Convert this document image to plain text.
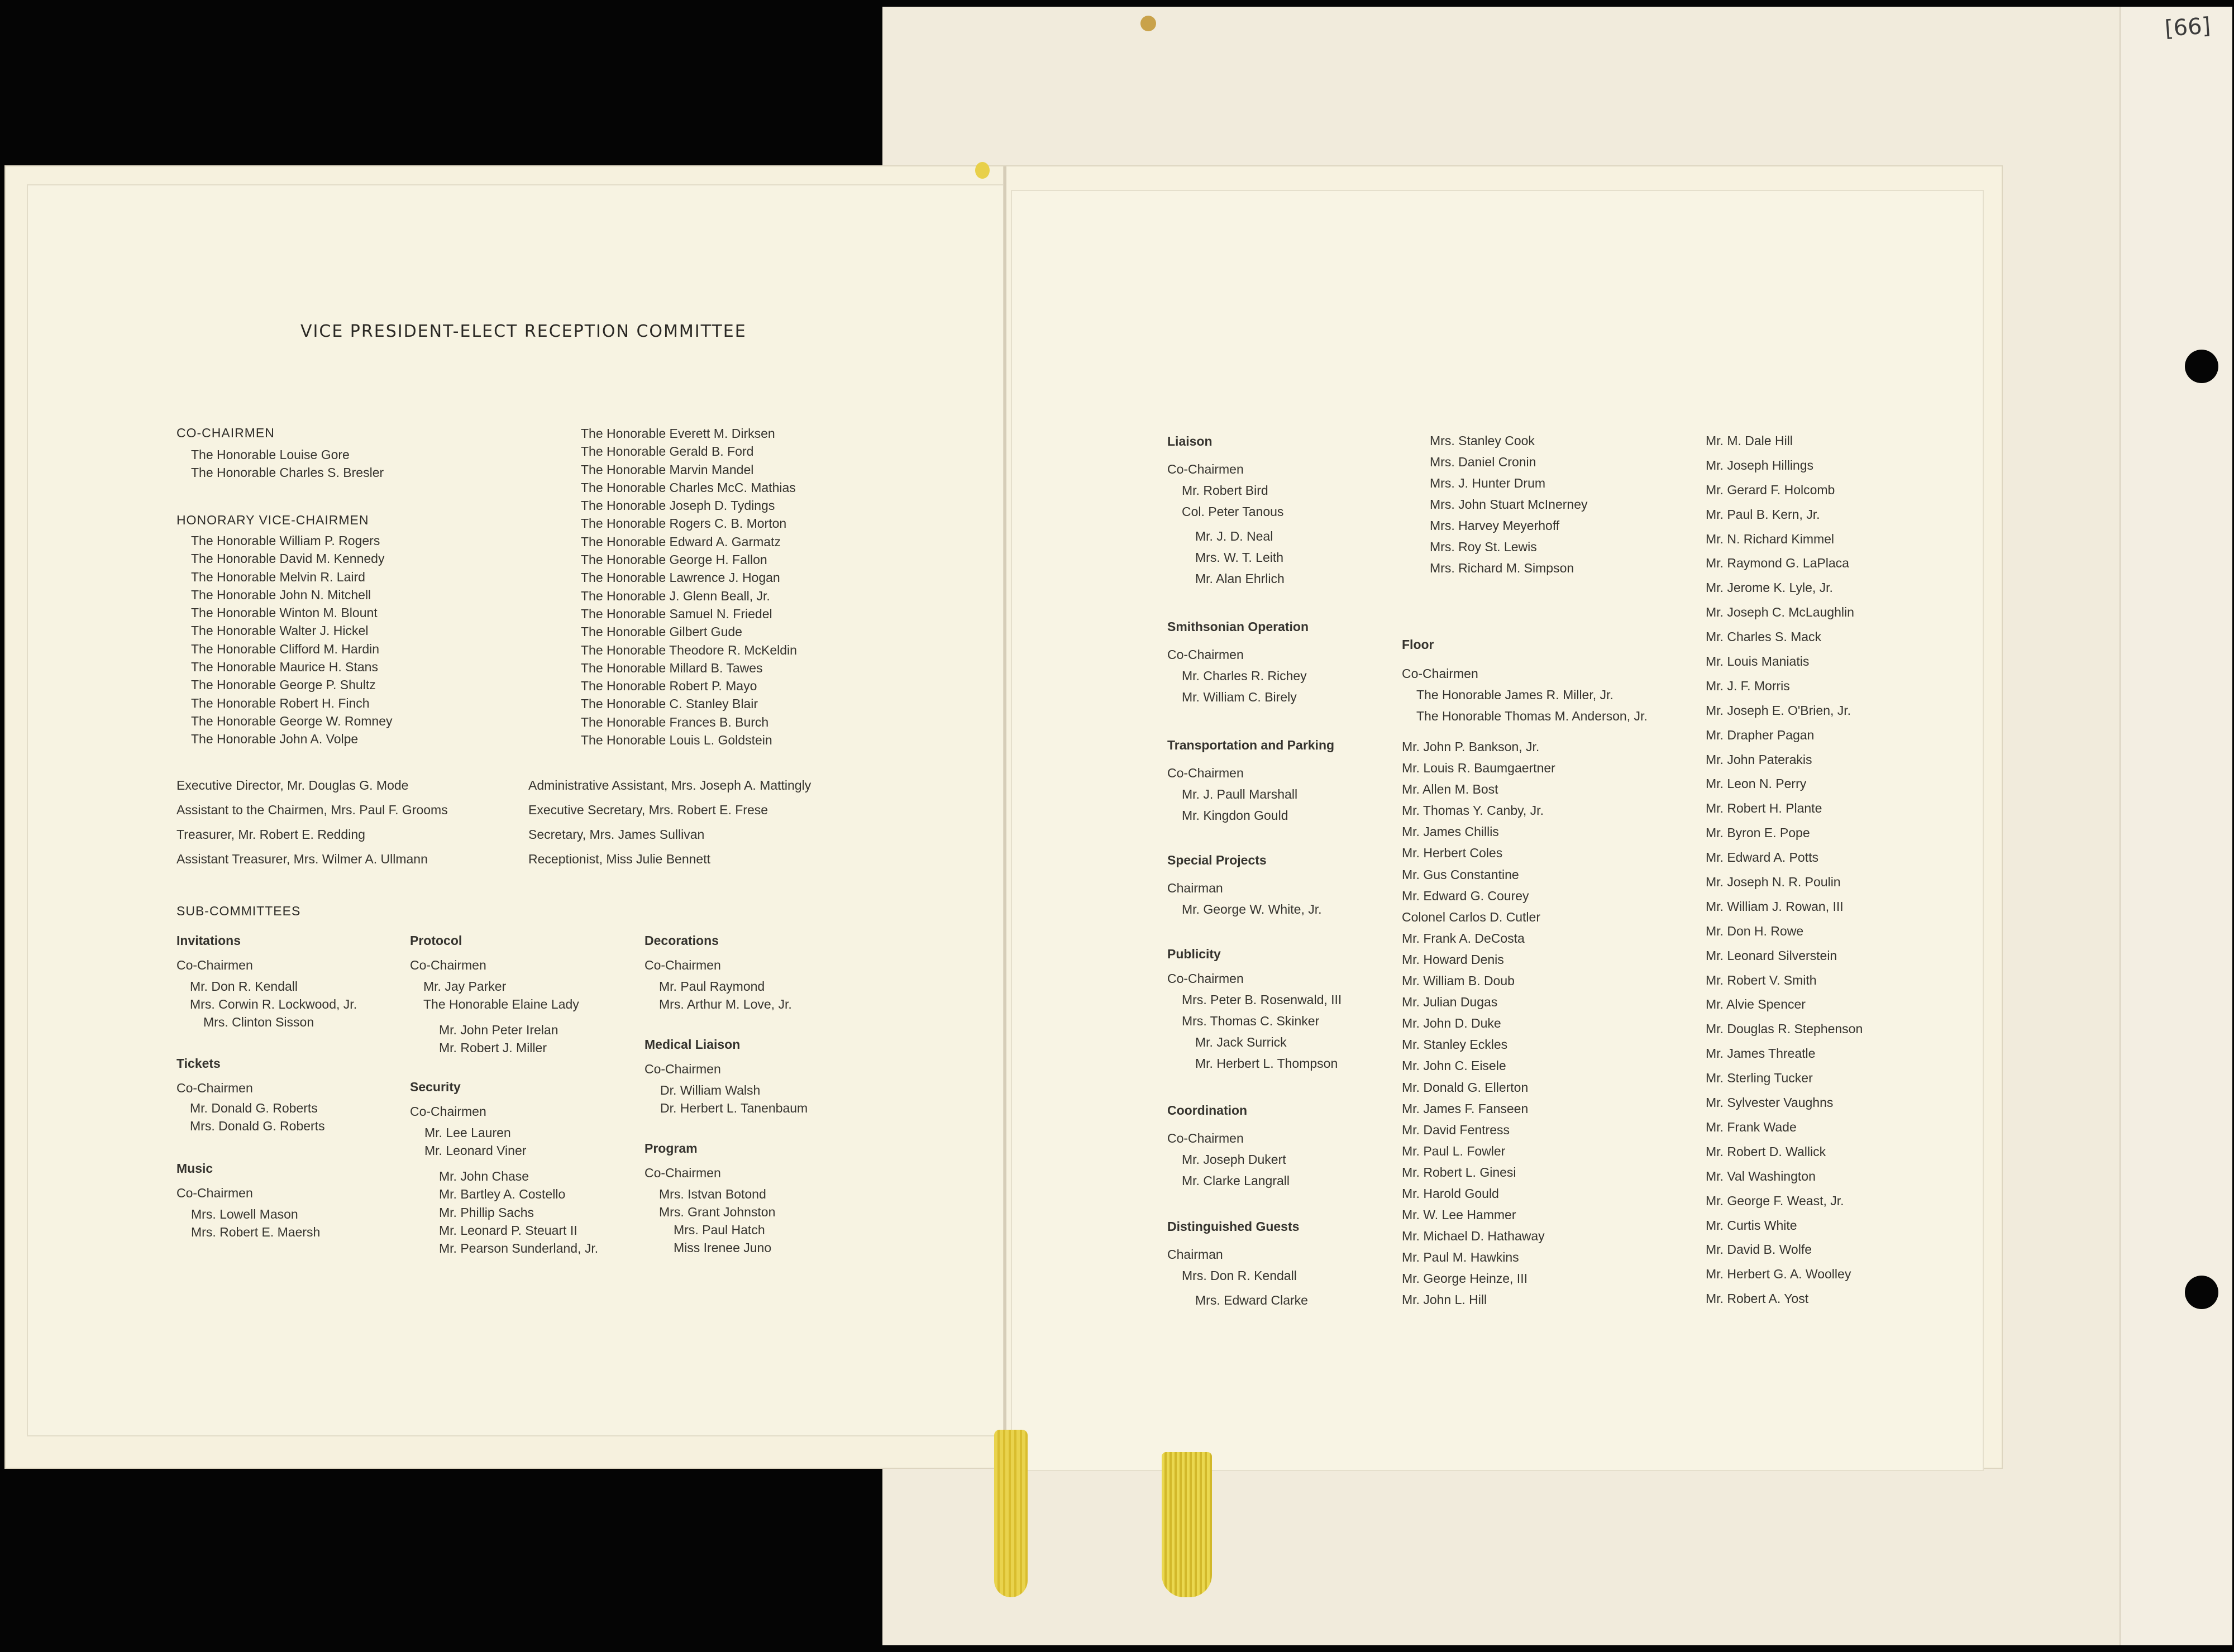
[66]
VICE PRESIDENT-ELECT RECEPTION COMMITTEE
CO-CHAIRMEN
The Honorable Louise Gore
The Honorable Charles S. Bresler
HONORARY VICE-CHAIRMEN
The Honorable William P. Rogers
The Honorable David M. Kennedy
The Honorable Melvin R. Laird
The Honorable John N. Mitchell
The Honorable Winton M. Blount
The Honorable Walter J. Hickel
The Honorable Clifford M. Hardin
The Honorable Maurice H. Stans
The Honorable George P. Shultz
The Honorable Robert H. Finch
The Honorable George W. Romney
The Honorable John A. Volpe
The Honorable Everett M. Dirksen
The Honorable Gerald B. Ford
The Honorable Marvin Mandel
The Honorable Charles McC. Mathias
The Honorable Joseph D. Tydings
The Honorable Rogers C. B. Morton
The Honorable Edward A. Garmatz
The Honorable George H. Fallon
The Honorable Lawrence J. Hogan
The Honorable J. Glenn Beall, Jr.
The Honorable Samuel N. Friedel
The Honorable Gilbert Gude
The Honorable Theodore R. McKeldin
The Honorable Millard B. Tawes
The Honorable Robert P. Mayo
The Honorable C. Stanley Blair
The Honorable Frances B. Burch
The Honorable Louis L. Goldstein
Executive Director, Mr. Douglas G. Mode
Assistant to the Chairmen, Mrs. Paul F. Grooms
Treasurer, Mr. Robert E. Redding
Assistant Treasurer, Mrs. Wilmer A. Ullmann
Administrative Assistant, Mrs. Joseph A. Mattingly
Executive Secretary, Mrs. Robert E. Frese
Secretary, Mrs. James Sullivan
Receptionist, Miss Julie Bennett
SUB-COMMITTEES
Invitations
Co-Chairmen
Mr. Don R. Kendall
Mrs. Corwin R. Lockwood, Jr.
Mrs. Clinton Sisson
Tickets
Co-Chairmen
Mr. Donald G. Roberts
Mrs. Donald G. Roberts
Music
Co-Chairmen
Mrs. Lowell Mason
Mrs. Robert E. Maersh
Protocol
Co-Chairmen
Mr. Jay Parker
The Honorable Elaine Lady
Mr. John Peter Irelan
Mr. Robert J. Miller
Security
Co-Chairmen
Mr. Lee Lauren
Mr. Leonard Viner
Mr. John Chase
Mr. Bartley A. Costello
Mr. Phillip Sachs
Mr. Leonard P. Steuart II
Mr. Pearson Sunderland, Jr.
Decorations
Co-Chairmen
Mr. Paul Raymond
Mrs. Arthur M. Love, Jr.
Medical Liaison
Co-Chairmen
Dr. William Walsh
Dr. Herbert L. Tanenbaum
Program
Co-Chairmen
Mrs. Istvan Botond
Mrs. Grant Johnston
Mrs. Paul Hatch
Miss Irenee Juno
Liaison
Co-Chairmen
Mr. Robert Bird
Col. Peter Tanous
Mr. J. D. Neal
Mrs. W. T. Leith
Mr. Alan Ehrlich
Smithsonian Operation
Co-Chairmen
Mr. Charles R. Richey
Mr. William C. Birely
Transportation and Parking
Co-Chairmen
Mr. J. Paull Marshall
Mr. Kingdon Gould
Special Projects
Chairman
Mr. George W. White, Jr.
Publicity
Co-Chairmen
Mrs. Peter B. Rosenwald, III
Mrs. Thomas C. Skinker
Mr. Jack Surrick
Mr. Herbert L. Thompson
Coordination
Co-Chairmen
Mr. Joseph Dukert
Mr. Clarke Langrall
Distinguished Guests
Chairman
Mrs. Don R. Kendall
Mrs. Edward Clarke
Mrs. Stanley Cook
Mrs. Daniel Cronin
Mrs. J. Hunter Drum
Mrs. John Stuart McInerney
Mrs. Harvey Meyerhoff
Mrs. Roy St. Lewis
Mrs. Richard M. Simpson
Floor
Co-Chairmen
The Honorable James R. Miller, Jr.
The Honorable Thomas M. Anderson, Jr.
Mr. John P. Bankson, Jr.
Mr. Louis R. Baumgaertner
Mr. Allen M. Bost
Mr. Thomas Y. Canby, Jr.
Mr. James Chillis
Mr. Herbert Coles
Mr. Gus Constantine
Mr. Edward G. Courey
Colonel Carlos D. Cutler
Mr. Frank A. DeCosta
Mr. Howard Denis
Mr. William B. Doub
Mr. Julian Dugas
Mr. John D. Duke
Mr. Stanley Eckles
Mr. John C. Eisele
Mr. Donald G. Ellerton
Mr. James F. Fanseen
Mr. David Fentress
Mr. Paul L. Fowler
Mr. Robert L. Ginesi
Mr. Harold Gould
Mr. W. Lee Hammer
Mr. Michael D. Hathaway
Mr. Paul M. Hawkins
Mr. George Heinze, III
Mr. John L. Hill
Mr. M. Dale Hill
Mr. Joseph Hillings
Mr. Gerard F. Holcomb
Mr. Paul B. Kern, Jr.
Mr. N. Richard Kimmel
Mr. Raymond G. LaPlaca
Mr. Jerome K. Lyle, Jr.
Mr. Joseph C. McLaughlin
Mr. Charles S. Mack
Mr. Louis Maniatis
Mr. J. F. Morris
Mr. Joseph E. O'Brien, Jr.
Mr. Drapher Pagan
Mr. John Paterakis
Mr. Leon N. Perry
Mr. Robert H. Plante
Mr. Byron E. Pope
Mr. Edward A. Potts
Mr. Joseph N. R. Poulin
Mr. William J. Rowan, III
Mr. Don H. Rowe
Mr. Leonard Silverstein
Mr. Robert V. Smith
Mr. Alvie Spencer
Mr. Douglas R. Stephenson
Mr. James Threatle
Mr. Sterling Tucker
Mr. Sylvester Vaughns
Mr. Frank Wade
Mr. Robert D. Wallick
Mr. Val Washington
Mr. George F. Weast, Jr.
Mr. Curtis White
Mr. David B. Wolfe
Mr. Herbert G. A. Woolley
Mr. Robert A. Yost
